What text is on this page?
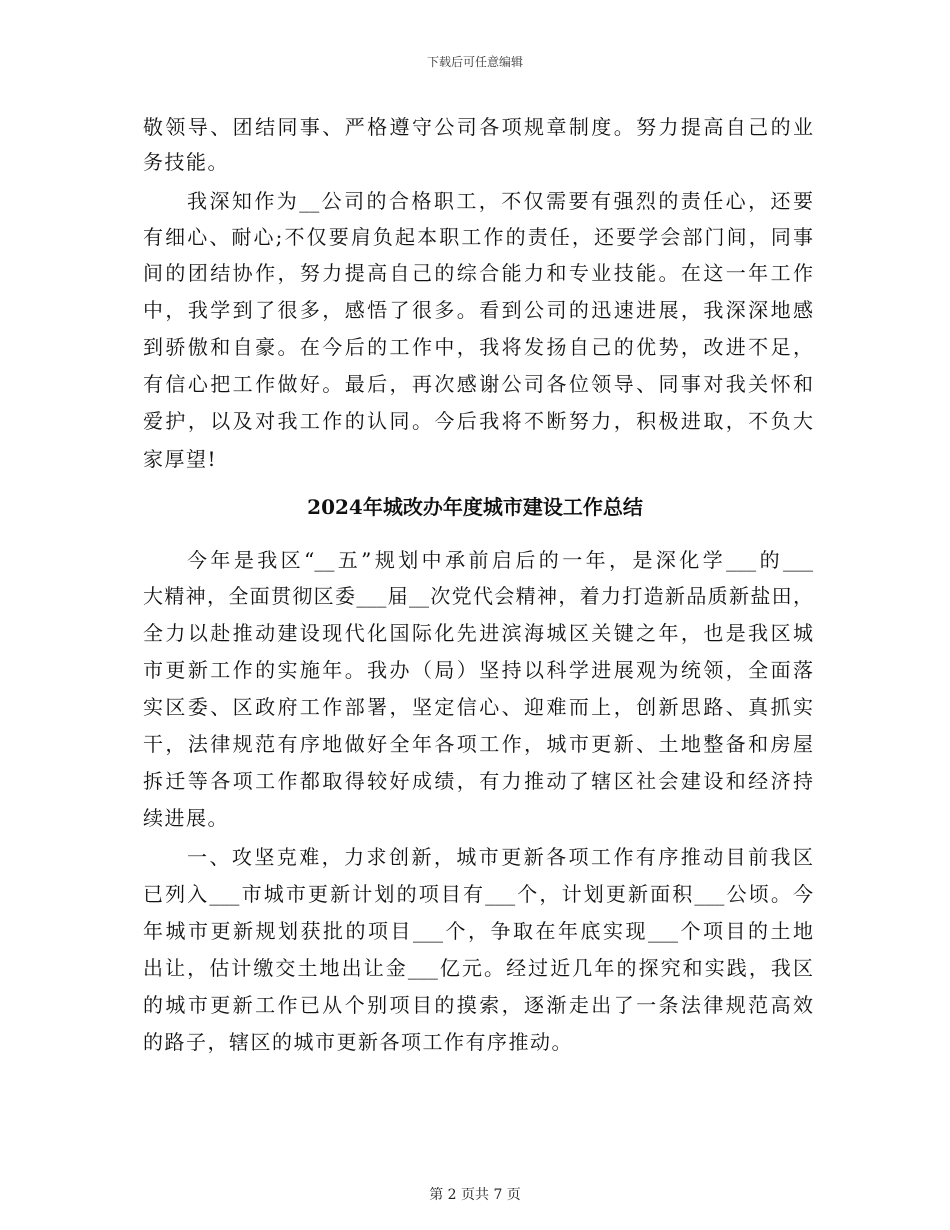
下载后可任意编辑
敬领导、团结同事、严格遵守公司各项规章制度。努力提高自己的业
务技能。
我深知作为__公司的合格职工，不仅需要有强烈的责任心，还要
有细心、耐心;不仅要肩负起本职工作的责任，还要学会部门间，同事
间的团结协作，努力提高自己的综合能力和专业技能。在这一年工作
中，我学到了很多，感悟了很多。看到公司的迅速进展，我深深地感
到骄傲和自豪。在今后的工作中，我将发扬自己的优势，改进不足，
有信心把工作做好。最后，再次感谢公司各位领导、同事对我关怀和
爱护，以及对我工作的认同。今后我将不断努力，积极进取，不负大
家厚望!
2024年城改办年度城市建设工作总结
今年是我区“__五”规划中承前启后的一年，是深化学___的___
大精神，全面贯彻区委___届__次党代会精神，着力打造新品质新盐田，
全力以赴推动建设现代化国际化先进滨海城区关键之年，也是我区城
市更新工作的实施年。我办（局）坚持以科学进展观为统领，全面落
实区委、区政府工作部署，坚定信心、迎难而上，创新思路、真抓实
干，法律规范有序地做好全年各项工作，城市更新、土地整备和房屋
拆迁等各项工作都取得较好成绩，有力推动了辖区社会建设和经济持
续进展。
一、攻坚克难，力求创新，城市更新各项工作有序推动目前我区
已列入___市城市更新计划的项目有___个，计划更新面积___公顷。今
年城市更新规划获批的项目___个，争取在年底实现___个项目的土地
出让，估计缴交土地出让金___亿元。经过近几年的探究和实践，我区
的城市更新工作已从个别项目的摸索，逐渐走出了一条法律规范高效
的路子，辖区的城市更新各项工作有序推动。
第 2 页共 7 页
